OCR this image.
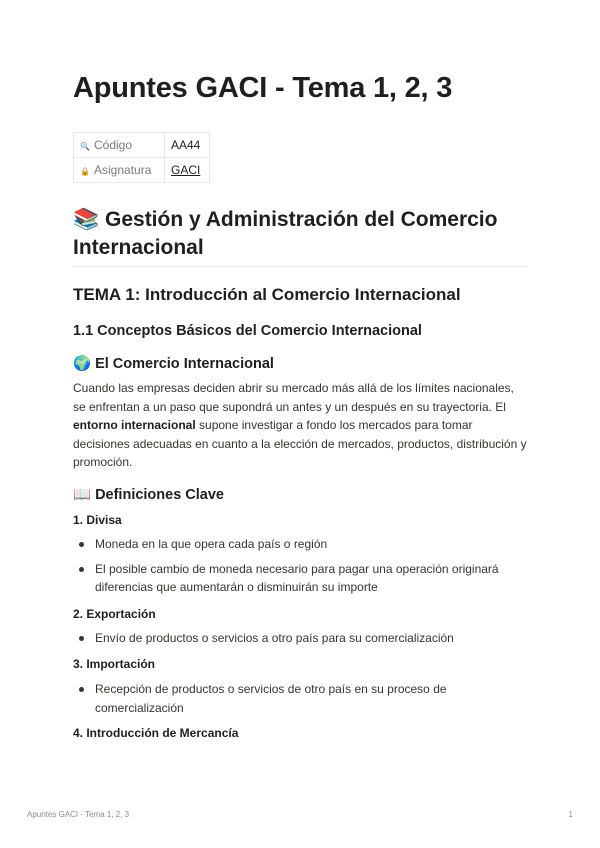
Apuntes GACI - Tema 1, 2, 3
🔍 Código	AA44
🔒 Asignatura	GACI
📚 Gestión y Administración del Comercio Internacional
TEMA 1: Introducción al Comercio Internacional
1.1 Conceptos Básicos del Comercio Internacional
🌍 El Comercio Internacional
Cuando las empresas deciden abrir su mercado más allá de los límites nacionales, se enfrentan a un paso que supondrá un antes y un después en su trayectoria. El entorno internacional supone investigar a fondo los mercados para tomar decisiones adecuadas en cuanto a la elección de mercados, productos, distribución y promoción.
📖 Definiciones Clave
1. Divisa
Moneda en la que opera cada país o región
El posible cambio de moneda necesario para pagar una operación originará diferencias que aumentarán o disminuirán su importe
2. Exportación
Envío de productos o servicios a otro país para su comercialización
3. Importación
Recepción de productos o servicios de otro país en su proceso de comercialización
4. Introducción de Mercancía
Apuntes GACI - Tema 1, 2, 3	1
